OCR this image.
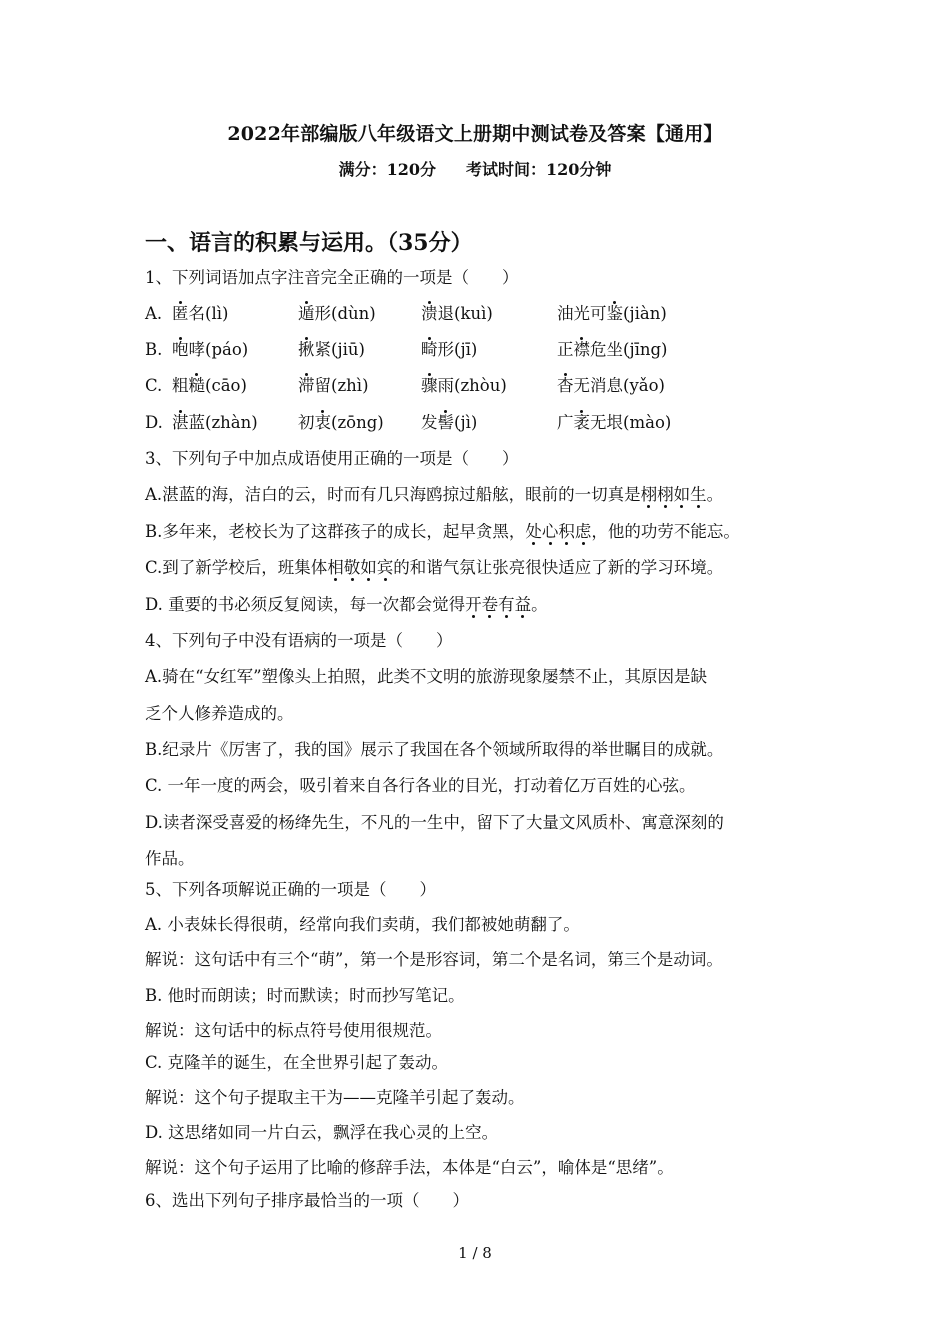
2022年部编版八年级语文上册期中测试卷及答案【通用】
满分：120分 考试时间：120分钟
一、语言的积累与运用。（35分）
1、下列词语加点字注音完全正确的一项是（　　）
A. 匿名(lì)	遁形(dùn)	溃退(kuì)	油光可鉴(jiàn)
B. 咆哮(páo)	揪紧(jiū)	畸形(jī)	正襟危坐(jīng)
C. 粗糙(cāo)	滞留(zhì)	骤雨(zhòu)	杳无消息(yǎo)
D. 湛蓝(zhàn) 初衷(zōng) 发髻(jì)	广袤无垠(mào)
3、下列句子中加点成语使用正确的一项是（　　）
A.湛蓝的海，洁白的云，时而有几只海鸥掠过船舷，眼前的一切真是栩栩如生。
B.多年来，老校长为了这群孩子的成长，起早贪黑，处心积虑，他的功劳不能忘。
C.到了新学校后，班集体相敬如宾的和谐气氛让张亮很快适应了新的学习环境。
D. 重要的书必须反复阅读，每一次都会觉得开卷有益。
4、下列句子中没有语病的一项是（　　）
A.骑在“女红军”塑像头上拍照，此类不文明的旅游现象屡禁不止，其原因是缺
乏个人修养造成的。
B.纪录片《厉害了，我的国》展示了我国在各个领域所取得的举世瞩目的成就。
C. 一年一度的两会，吸引着来自各行各业的目光，打动着亿万百姓的心弦。
D.读者深受喜爱的杨绛先生，不凡的一生中，留下了大量文风质朴、寓意深刻的
作品。
5、下列各项解说正确的一项是（　　）
A. 小表妹长得很萌，经常向我们卖萌，我们都被她萌翻了。
解说：这句话中有三个“萌”，第一个是形容词，第二个是名词，第三个是动词。
B. 他时而朗读；时而默读；时而抄写笔记。
解说：这句话中的标点符号使用很规范。
C. 克隆羊的诞生，在全世界引起了轰动。
解说：这个句子提取主干为——克隆羊引起了轰动。
D. 这思绪如同一片白云，飘浮在我心灵的上空。
解说：这个句子运用了比喻的修辞手法，本体是“白云”，喻体是“思绪”。
6、选出下列句子排序最恰当的一项（　　）
1 / 8
